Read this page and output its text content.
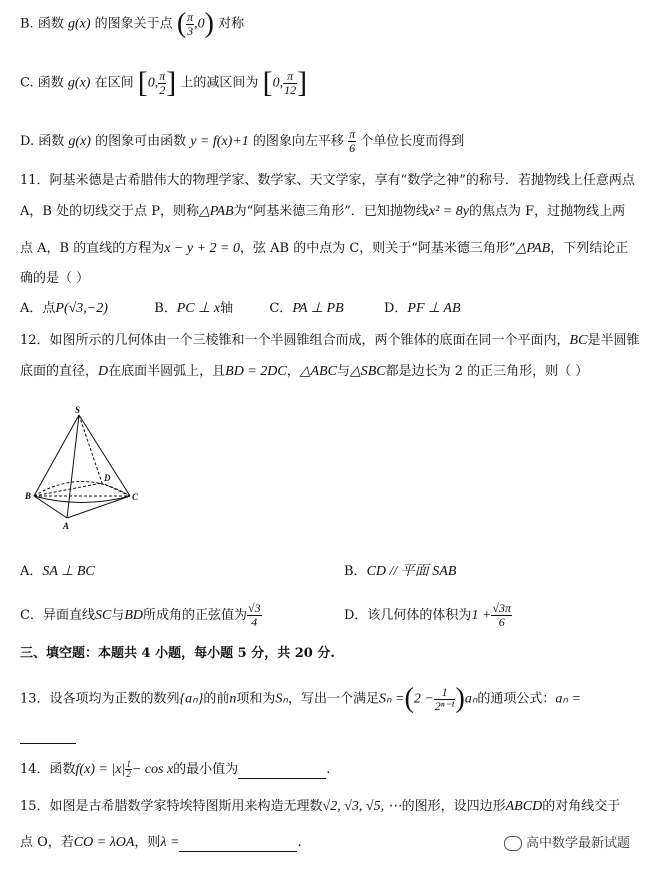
B. 函数 g(x) 的图象关于点 ( $\frac{\pi}{3} ,0$) 对称
C. 函数 g(x) 在区间 [0, $\frac{\pi}{2}$ ] 上的减区间为 [0, $\frac{\pi}{12}$ ]
D. 函数 g(x) 的图象可由函数 y = f(x)+1 的图象向左平移 $\frac{\pi}{6}$ 个单位长度而得到
11．阿基米德是古希腊伟大的物理学家、数学家、天文学家，享有“数学之神”的称号．若抛物线上任意两点
A，B 处的切线交于点 P，则称△PAB为“阿基米德三角形”．已知抛物线x² = 8y的焦点为 F，过抛物线上两
点 A，B 的直线的方程为x − y + 2 = 0，弦 AB 的中点为 C，则关于“阿基米德三角形”△PAB，下列结论正
确的是（ ）
A．点P(√3,−2)	B．PC ⊥ x轴	C．PA ⊥ PB	D．PF ⊥ AB
12．如图所示的几何体由一个三棱锥和一个半圆锥组合而成，两个锥体的底面在同一个平面内，BC是半圆锥
底面的直径，D在底面半圆弧上，且BD = 2DC，△ABC与△SBC都是边长为 2 的正三角形，则（ ）
S
D
B	C
A
A．SA ⊥ BC	B．CD // 平面 SAB
C．异面直线SC与BD所成角的正弦值为 $\frac{√3}{4}$	D．该几何体的体积为$1 + \frac{√3\pi}{6}$
三、填空题：本题共 4 小题，每小题 5 分，共 20 分.
13．设各项均为正数的数列{aₙ}的前n项和为Sₙ，写出一个满足$S_n =(2 - \frac{1}{\text{2ⁿ⁻¹}} )a_n$的通项公式：aₙ =
14．函数$f(x) = |x| \frac{1}{2} - \cos x$的最小值为	.
15．如图是古希腊数学家特埃特图斯用来构造无理数√2, √3, √5, ⋯的图形，设四边形ABCD的对角线交于
点 O，若CO = λOA，则λ =	.	高中数学最新试题
